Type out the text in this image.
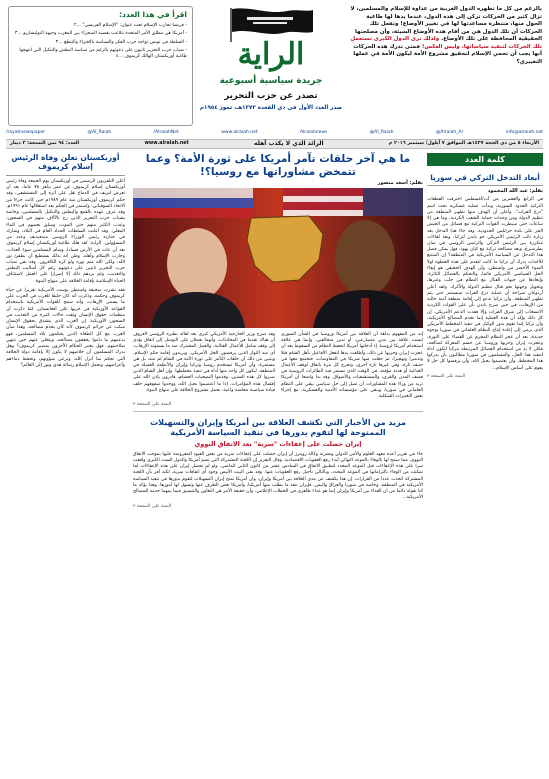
بالرغم من كل ما تظهره الدول الغربية من عداوة للإسلام والمسلمين، لا تزال كثير من الحركات تركن إلى هذه الدول، عندما يدها لها طاغية الحول منها، منتظرة مساعدتها لها في تغيير الأوضاع! وتفعل تلك الحركات أن تلك الدول هي من أقام هذه الأوضاع السيئة، وأن مصلحتها الحقيقية المحافظة على تلك الأوضاع. ولذلك نرى الدول الكبرى تستعمل تلك الحركات لتنفيذ سياساتها، وليس العكس! فمتى تدرك هذه الحركات أنها يجب أن تحمي الإسلام لتحقيق مشروع الأمة ليكون الأمة في عملها التغييري؟
الراية
جريدة سياسية أسبوعية
تصدر عن حزب التحرير
صدر العدد الأول في ذي القعدة ١٣٧٣هـ، تموز ١٩٥٤م
اقرأ في هذا العدد:
- فرنسا تحارب الإسلام تحت عنوان: "الإسلام الفرنسي" ...٢
- أمريكا هي مطلق الأمر المتحدة تتلاعب بقضية الصحراء بين المغرب وجبهة البوليساريو ...٣
- السلطة في تونس تواجه حزب الفكر والسياسة بالافتراء والتنطع ...٣
- شباب حزب التحرير تاتيون على دعوتهم بالرغم من سياسة البطش والتنكيل التي انتهجها طاغية أوزبكستان الهالك كريموف ...٤
/rayahnewspaper	@Al_Raiah	/AlraiahNet	www.alraiah.net	Alraiahnews	@Al_Raiah	@Alraiah_Ar	info@alraiah.net
الأربعاء ٥ من ذي الحجة ١٤٣٧هـ الموافق ٧ أيلول/ سبتمبر ٢٠١٦ م
الرائد الذي لا يكذب أهله
www.alraiah.net
العدد: ٩٤ ثمن النسخة: ٢ دينار
كلمة العدد
أبعاد التدخل التركي في سوريا
بقلم: عبد الله المحمود
في الرابع والعشرين من آب/أغسطس اخترقت القطعات التركية الحدود السورية، وبدأت عملية عسكرية تحت اسم "درع الفرات"، وأعلن أن الهدف منها تطهير المنطقة من تنظيم الدولة ومن وحدات حماية الشعب الكردية، وما هي إلا ساعات حتى سيطرت القوات التركية مع فصائل من الجيش الحر على بلدة جرابلس الحدودية. وقد جاء هذا التدخل بعد زيارة نائب الرئيس الأمريكي جو بايدن لتركيا، وبعد لقاءات متكررة بين الرئيس التركي والرئيس الروسي في سان بطرسبرغ، وبعد مصالحة تركية مع كيان يهود، فهل يمكن فصل هذا التدخل عن السياسة الأمريكية في المنطقة؟ إن المتتبع للأحداث يدرك أن تركيا ما كانت لتقدم على هذه الخطوة لولا الضوء الأخضر من واشنطن، وأن الهدف الحقيقي هو إبقاء الحل السياسي الأمريكي قائما، والتحكم بالفصائل الثائرة، وإبعادها عن جبهات القتال مع النظام في حلب وغيرها، وتحويل وجهتها نحو قتال تنظيم الدولة والأكراد. ولقد أعلن أردوغان صراحة أن عملية درع الفرات ستستمر حتى يتم تطهير المنطقة، وأن تركيا تدعو إلى إقامة منطقة آمنة خالية من الإرهاب، في حين صرح بايدن بأن على القوات الكردية الانسحاب إلى شرق الفرات وإلا فقدت الدعم الأمريكي. إن كل ذلك يؤكد أن هذه العملية إنما تخدم المصالح الأمريكية، وأن تركيا إنما تقوم بدور الوكيل في تنفيذ المخطط الأمريكي الذي يرمي إلى إعادة إنتاج النظام العلماني في سوريا بوجوه جديدة، بعد أن عجز النظام المجرم عن القضاء على الثورة، وعجزت إيران وحزبها وروسيا عن حسم المعركة لصالحه، فكان لا بد من استخدام الفصائل المرتبطة بتركيا لتكون أداة لتنفيذ هذا الحل، والمسلمون في سوريا مطالبون بأن يدركوا هذا المخطط، وأن يعتصموا بحبل الله، وأن يرفضوا كل حل لا يقوم على أساس الإسلام...
التتمة على الصفحة ٣
ما هي آخر حلقات تآمر أمريكا على ثورة الأمة؟ وعما تتمخض مشاوراتها مع روسيا؟!
بقلم: أسعد منصور
إنه من المفهوم بداهة أن العلاقة بين أمريكا وروسيا في الشأن السوري ليست علاقة بين ندين متصارعين، أو ندين متحالفين، وإنما هي علاقة استخدام أمريكا لروسيا، إذ أدخلتها أمريكا لتحفظ النظام من السقوط بعد أن عجزت إيران وحزبها عن ذلك، وأطلقت يدها لتفعل الأفاعيل بأهل الشام قتلا وتدميرا وتهجيرا، ثم جعلت منها شريكا في المفاوضات، فتجتمع معها في جنيف تارة، وفي غيرها تارة أخرى، وتخرج كل مرة باتفاق لوقف الأعمال العدائية أو هدنة مؤقتة، في الوقت الذي تستمر فيه الطائرات الروسية في قصف المدن والقرى، والمستشفيات والأسواق. وقد بدا واضحا أن أمريكا تريد من وراء هذه المشاورات أن تصل إلى حل سياسي يبقي على النظام العلماني في سوريا، ويبقي على مؤسساته الأمنية والعسكرية، مع إجراء بعض التغييرات الشكلية.
وقد صرح وزير الخارجية الأمريكي كيري بعد لقائه نظيره الروسي لافروف أن هناك تقدما في المحادثات، وأنهما يعملان على التوصل إلى اتفاق يؤدي إلى وقف شامل للأعمال القتالية، والعمل المشترك ضد ما يسمونه الإرهاب، أي ضد الثوار الذين يرفضون الحل الأمريكي، ويريدون إقامة حكم الإسلام. ويتبين من ذلك أن حلقات التآمر على ثورة الأمة في الشام لم تنته، بل هي مستمرة، وأن أمريكا تستخدم روسيا وتركيا وإيران والأنظمة العميلة في المنطقة، ليكون كل واحد منها أداة في تنفيذ مخططها. وإن أهل الشام الذين صبروا كل هذه السنين، وقدموا التضحيات الجسام، قادرون بإذن الله على إفشال هذه المؤامرات، إذا ما اعتصموا بحبل الله، ووحدوا صفوفهم خلف قيادة سياسية مخلصة واعية، تحمل مشروع الخلافة على منهاج النبوة.
التتمة على الصفحة ٣
مزيد من الأخبار التي تكشف العلاقة بين أمريكا وإيران والتسهيلات الممنوحة لها لتقوم بدورها في تنفيذ السياسة الأمريكية
إيران حصلت على إعفاءات "سرية" بعد الاتفاق النووي
جاء في تقرير أعده معهد العلوم والأمن الدولي ونشرته وكالة رويترز أن إيران حصلت على إعفاءات سرية من بعض القيود المفروضة عليها بموجب الاتفاق النووي، مما سمح لها بالوفاء بالموعد النهائي لبدء رفع العقوبات الاقتصادية. وقال التقرير إن اللجنة المشتركة التي تضم أمريكا والدول الست الكبرى وافقت سرا على هذه الإعفاءات قبل الموعد المحدد لتطبيق الاتفاق في السادس عشر من كانون الثاني الماضي. ولو لم تحصل إيران على هذه الإعفاءات لما تمكنت من الوفاء بالتزاماتها في الموعد المحدد، وبالتالي تأجيل رفع العقوبات عنها. وقد نفى البيت الأبيض وجود أي اتفاقات سرية، لكنه أقر بأن اللجنة المشتركة اتخذت عددا من القرارات. إن هذا يكشف عن مدى العلاقة بين أمريكا وإيران، وأن أمريكا تمنح إيران التسهيلات لتقوم بدورها في تنفيذ السياسة الأمريكية في المنطقة، وخاصة في سوريا والعراق واليمن، فإيران تنفذ ما يطلب منها أمريكيا، وأمريكا تغض الطرف عنها وتسهل لها أمورها. وهذا يؤكد ما كنا نقوله دائما من أن العداء بين أمريكا وإيران إنما هو عداء ظاهري في الخطاب الإعلامي، وأن حقيقة الأمر هي التعاون والتنسيق فيما بينهما خدمة للمصالح الأمريكية...
التتمة على الصفحة ٣
أوزبكستان تعلن وفاة الرئيس إسلام كريموف
أعلن التلفزيون الرسمي في أوزبكستان يوم الجمعة وفاة رئيس أوزبكستان إسلام كريموف عن عمر يناهز ٧٨ عاما، بعد أن تعرض لنزيف في الدماغ نقل على أثره إلى المستشفى، وقد حكم كريموف أوزبكستان منذ عام ١٩٨٩م حين كانت جزءا من الاتحاد السوفياتي، واستمر في الحكم بعد استقلالها عام ١٩٩١م. وقد عرف عهده بالقمع والبطش والتنكيل بالمسلمين، وخاصة بشباب حزب التحرير الذين زج بالآلاف منهم في السجون، وعذب الكثير منهم حتى الموت، وسلق بعضهم في الماء المغلي. وقد أعلنت السلطات الحداد العام في البلاد، وشارك في جنازته رئيس الوزراء الروسي ميدفيديف وعدد من المسؤولين. الراية: لقد هلك طاغية أوزبكستان إسلام كريموف بعد أن عاث في الأرض فسادا، وسام المسلمين سوء العذاب، وحارب الإسلام وأهله، وظن أنه بذلك يستطيع أن يطفئ نور الله، ولكن الله متم نوره ولو كره الكافرون. وقد بقي شباب حزب التحرير ثابتين على دعوتهم رغم كل أساليب البطش والتعذيب، ولم يزدهم ذلك إلا إصرارا على العمل لاستئناف الحياة الإسلامية بإقامة الخلافة على منهاج النبوة.
فقد نشرت صحيفة واشنطن بوست الأمريكية تقريرا عن حياة كريموف وحكمه، وذكرت أنه كان حليفا للغرب في الحرب على ما يسمى الإرهاب، وأنه سمح للقوات الأمريكية باستخدام القواعد الأوزبكية في حربها على أفغانستان، كما ذكرت أن منظمات حقوق الإنسان وثقت حالات كثيرة من التعذيب في السجون الأوزبكية. إن الغرب الذي يتشدق بحقوق الإنسان سكت عن جرائم كريموف لأنه كان يخدم مصالحه، وهذا شأن الغرب مع كل الطغاة الذين يحكمون بلاد المسلمين، فهو يدعمهم ما داموا يحققون مصالحه، ويتخلى عنهم حين تنتهي صلاحيتهم. فهل يعتبر الحكام الآخرون بمصير كريموف؟ وهل يدرك المسلمون أن خلاصهم لا يكون إلا بإقامة دولة الخلافة التي تحكم بما أنزل الله، وترعى شؤونهم، وتحفظ دماءهم وأعراضهم، وتحمل الإسلام رسالة هدى ونور إلى العالم؟
